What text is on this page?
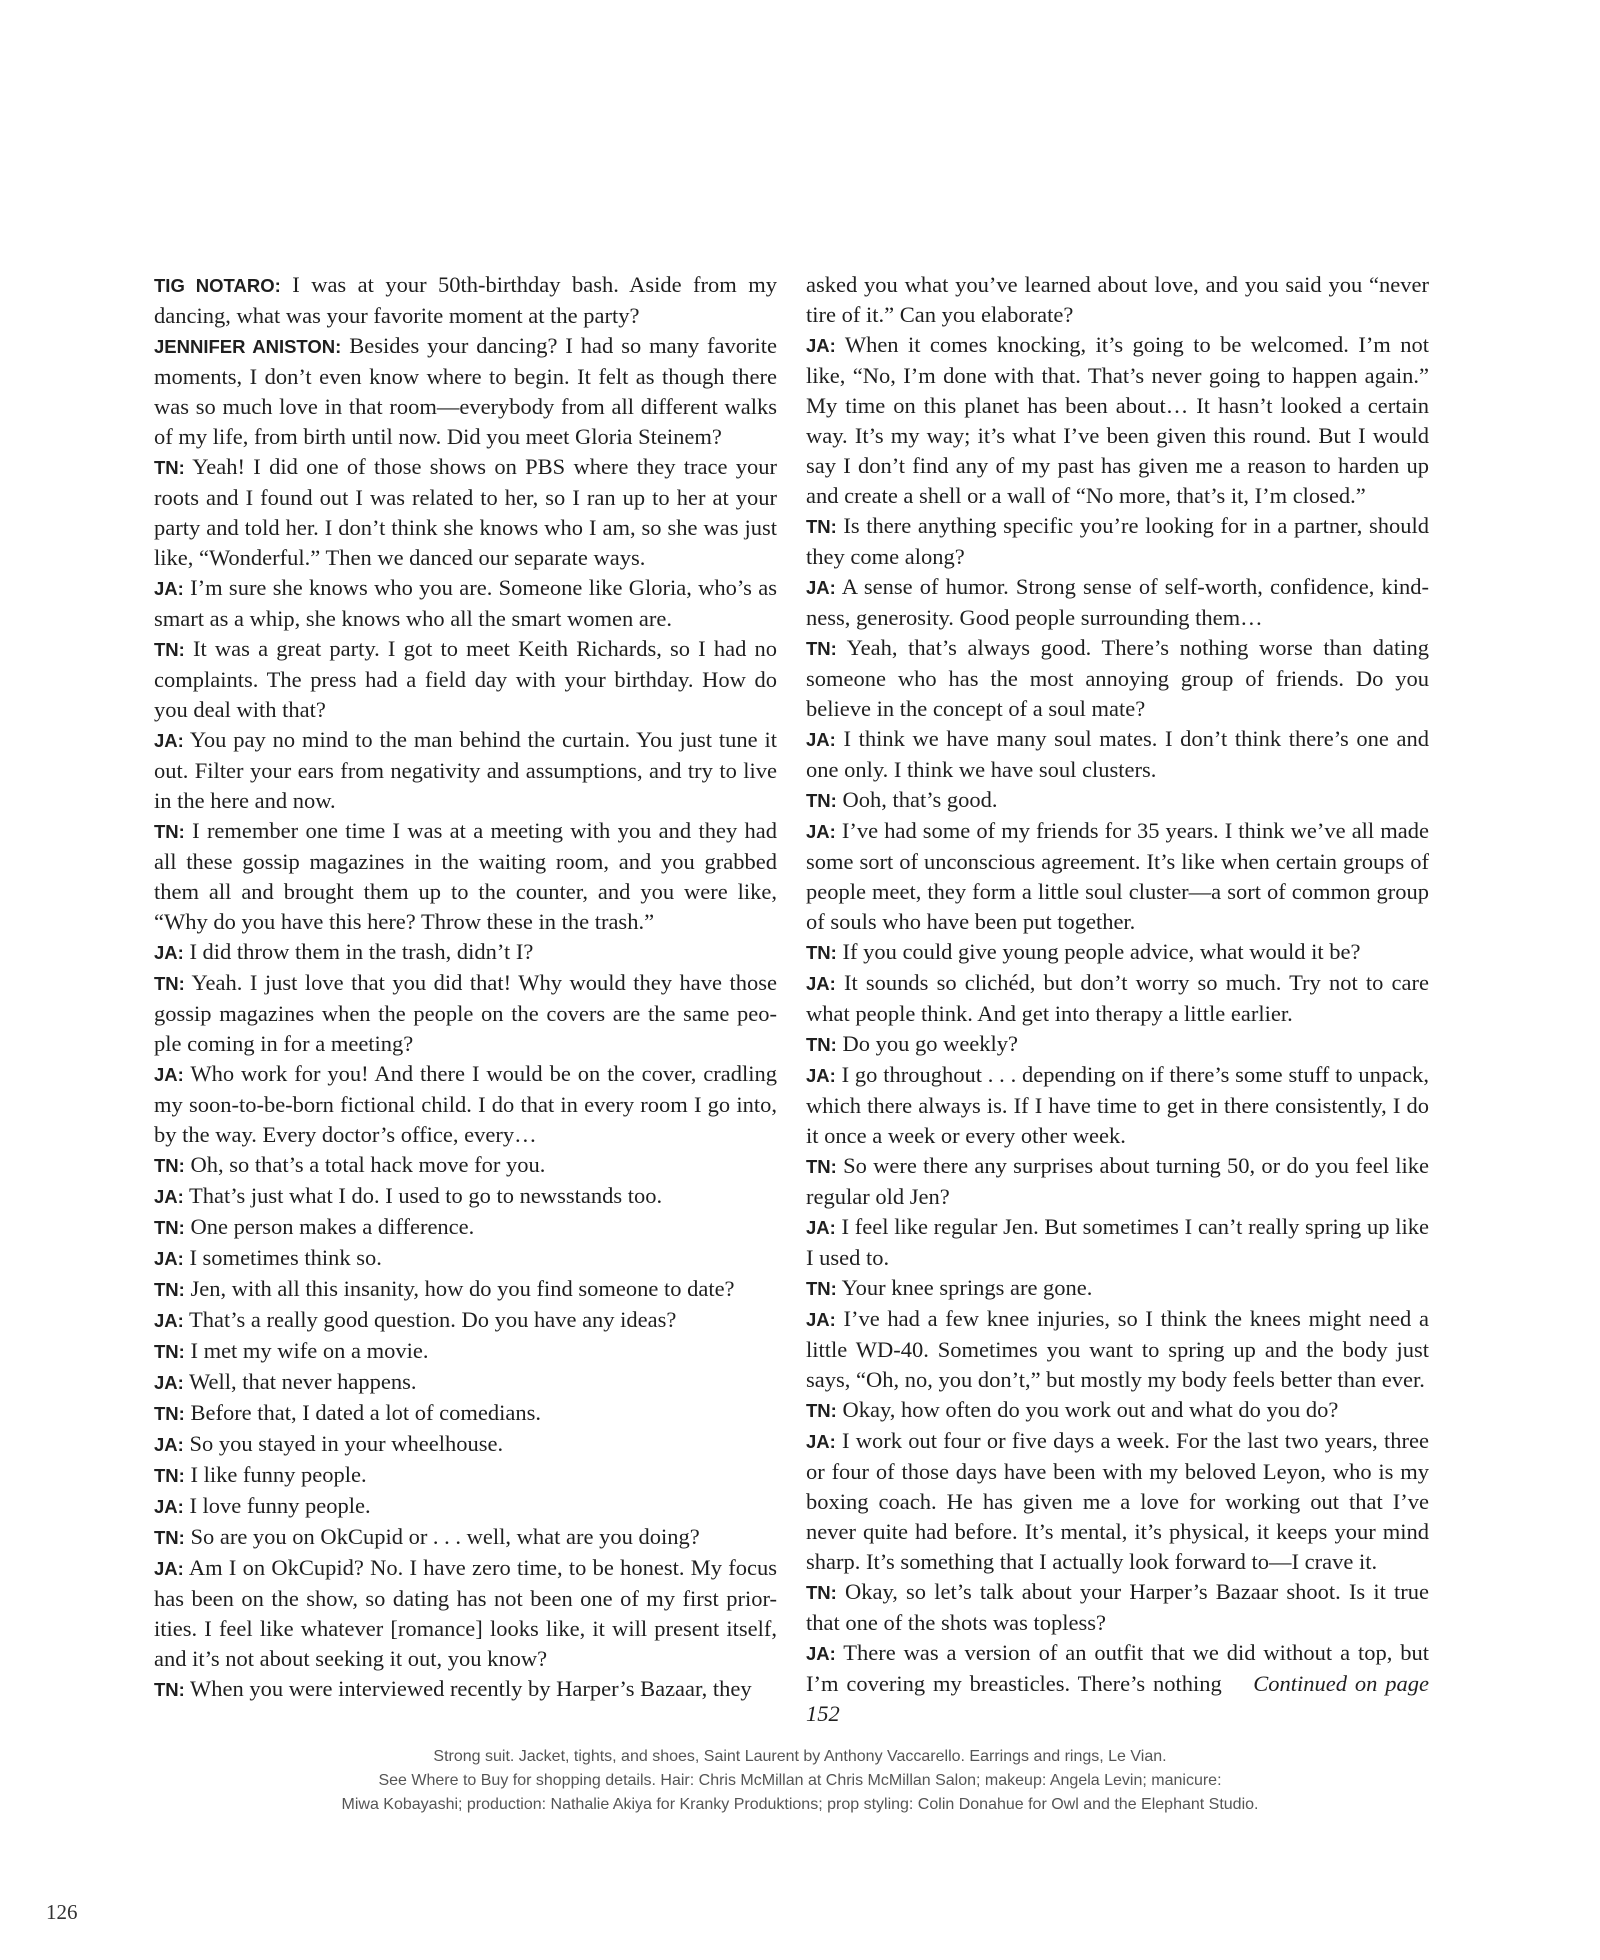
TIG NOTARO: I was at your 50th-birthday bash. Aside from my dancing, what was your favorite moment at the party?

JENNIFER ANISTON: Besides your dancing? I had so many favorite moments, I don’t even know where to begin. It felt as though there was so much love in that room—everybody from all different walks of my life, from birth until now. Did you meet Gloria Steinem?

TN: Yeah! I did one of those shows on PBS where they trace your roots and I found out I was related to her, so I ran up to her at your party and told her. I don’t think she knows who I am, so she was just like, “Wonderful.” Then we danced our separate ways.

JA: I’m sure she knows who you are. Someone like Gloria, who’s as smart as a whip, she knows who all the smart women are.

TN: It was a great party. I got to meet Keith Richards, so I had no complaints. The press had a field day with your birthday. How do you deal with that?

JA: You pay no mind to the man behind the curtain. You just tune it out. Filter your ears from negativity and assumptions, and try to live in the here and now.

TN: I remember one time I was at a meeting with you and they had all these gossip magazines in the waiting room, and you grabbed them all and brought them up to the counter, and you were like, “Why do you have this here? Throw these in the trash.”

JA: I did throw them in the trash, didn’t I?

TN: Yeah. I just love that you did that! Why would they have those gossip magazines when the people on the covers are the same peo-ple coming in for a meeting?

JA: Who work for you! And there I would be on the cover, cradling my soon-to-be-born fictional child. I do that in every room I go into, by the way. Every doctor’s office, every…

TN: Oh, so that’s a total hack move for you.

JA: That’s just what I do. I used to go to newsstands too.

TN: One person makes a difference.

JA: I sometimes think so.

TN: Jen, with all this insanity, how do you find someone to date?

JA: That’s a really good question. Do you have any ideas?

TN: I met my wife on a movie.

JA: Well, that never happens.

TN: Before that, I dated a lot of comedians.

JA: So you stayed in your wheelhouse.

TN: I like funny people.

JA: I love funny people.

TN: So are you on OkCupid or . . . well, what are you doing?

JA: Am I on OkCupid? No. I have zero time, to be honest. My focus has been on the show, so dating has not been one of my first prior-ities. I feel like whatever [romance] looks like, it will present itself, and it’s not about seeking it out, you know?

TN: When you were interviewed recently by Harper’s Bazaar, they

asked you what you’ve learned about love, and you said you “never tire of it.” Can you elaborate?

JA: When it comes knocking, it’s going to be welcomed. I’m not like, “No, I’m done with that. That’s never going to happen again.” My time on this planet has been about… It hasn’t looked a certain way. It’s my way; it’s what I’ve been given this round. But I would say I don’t find any of my past has given me a reason to harden up and create a shell or a wall of “No more, that’s it, I’m closed.”

TN: Is there anything specific you’re looking for in a partner, should they come along?

JA: A sense of humor. Strong sense of self-worth, confidence, kind-ness, generosity. Good people surrounding them…

TN: Yeah, that’s always good. There’s nothing worse than dating someone who has the most annoying group of friends. Do you believe in the concept of a soul mate?

JA: I think we have many soul mates. I don’t think there’s one and one only. I think we have soul clusters.

TN: Ooh, that’s good.

JA: I’ve had some of my friends for 35 years. I think we’ve all made some sort of unconscious agreement. It’s like when certain groups of people meet, they form a little soul cluster—a sort of common group of souls who have been put together.

TN: If you could give young people advice, what would it be?

JA: It sounds so clichéd, but don’t worry so much. Try not to care what people think. And get into therapy a little earlier.

TN: Do you go weekly?

JA: I go throughout . . . depending on if there’s some stuff to unpack, which there always is. If I have time to get in there consistently, I do it once a week or every other week.

TN: So were there any surprises about turning 50, or do you feel like regular old Jen?

JA: I feel like regular Jen. But sometimes I can’t really spring up like I used to.

TN: Your knee springs are gone.

JA: I’ve had a few knee injuries, so I think the knees might need a little WD-40. Sometimes you want to spring up and the body just says, “Oh, no, you don’t,” but mostly my body feels better than ever.

TN: Okay, how often do you work out and what do you do?

JA: I work out four or five days a week. For the last two years, three or four of those days have been with my beloved Leyon, who is my boxing coach. He has given me a love for working out that I’ve never quite had before. It’s mental, it’s physical, it keeps your mind sharp. It’s something that I actually look forward to—I crave it.

TN: Okay, so let’s talk about your Harper’s Bazaar shoot. Is it true that one of the shots was topless?

JA: There was a version of an outfit that we did without a top, but I’m covering my breasticles. There’s nothing Continued on page 152

Strong suit. Jacket, tights, and shoes, Saint Laurent by Anthony Vaccarello. Earrings and rings, Le Vian.
See Where to Buy for shopping details. Hair: Chris McMillan at Chris McMillan Salon; makeup: Angela Levin; manicure:
Miwa Kobayashi; production: Nathalie Akiya for Kranky Produktions; prop styling: Colin Donahue for Owl and the Elephant Studio.
126
